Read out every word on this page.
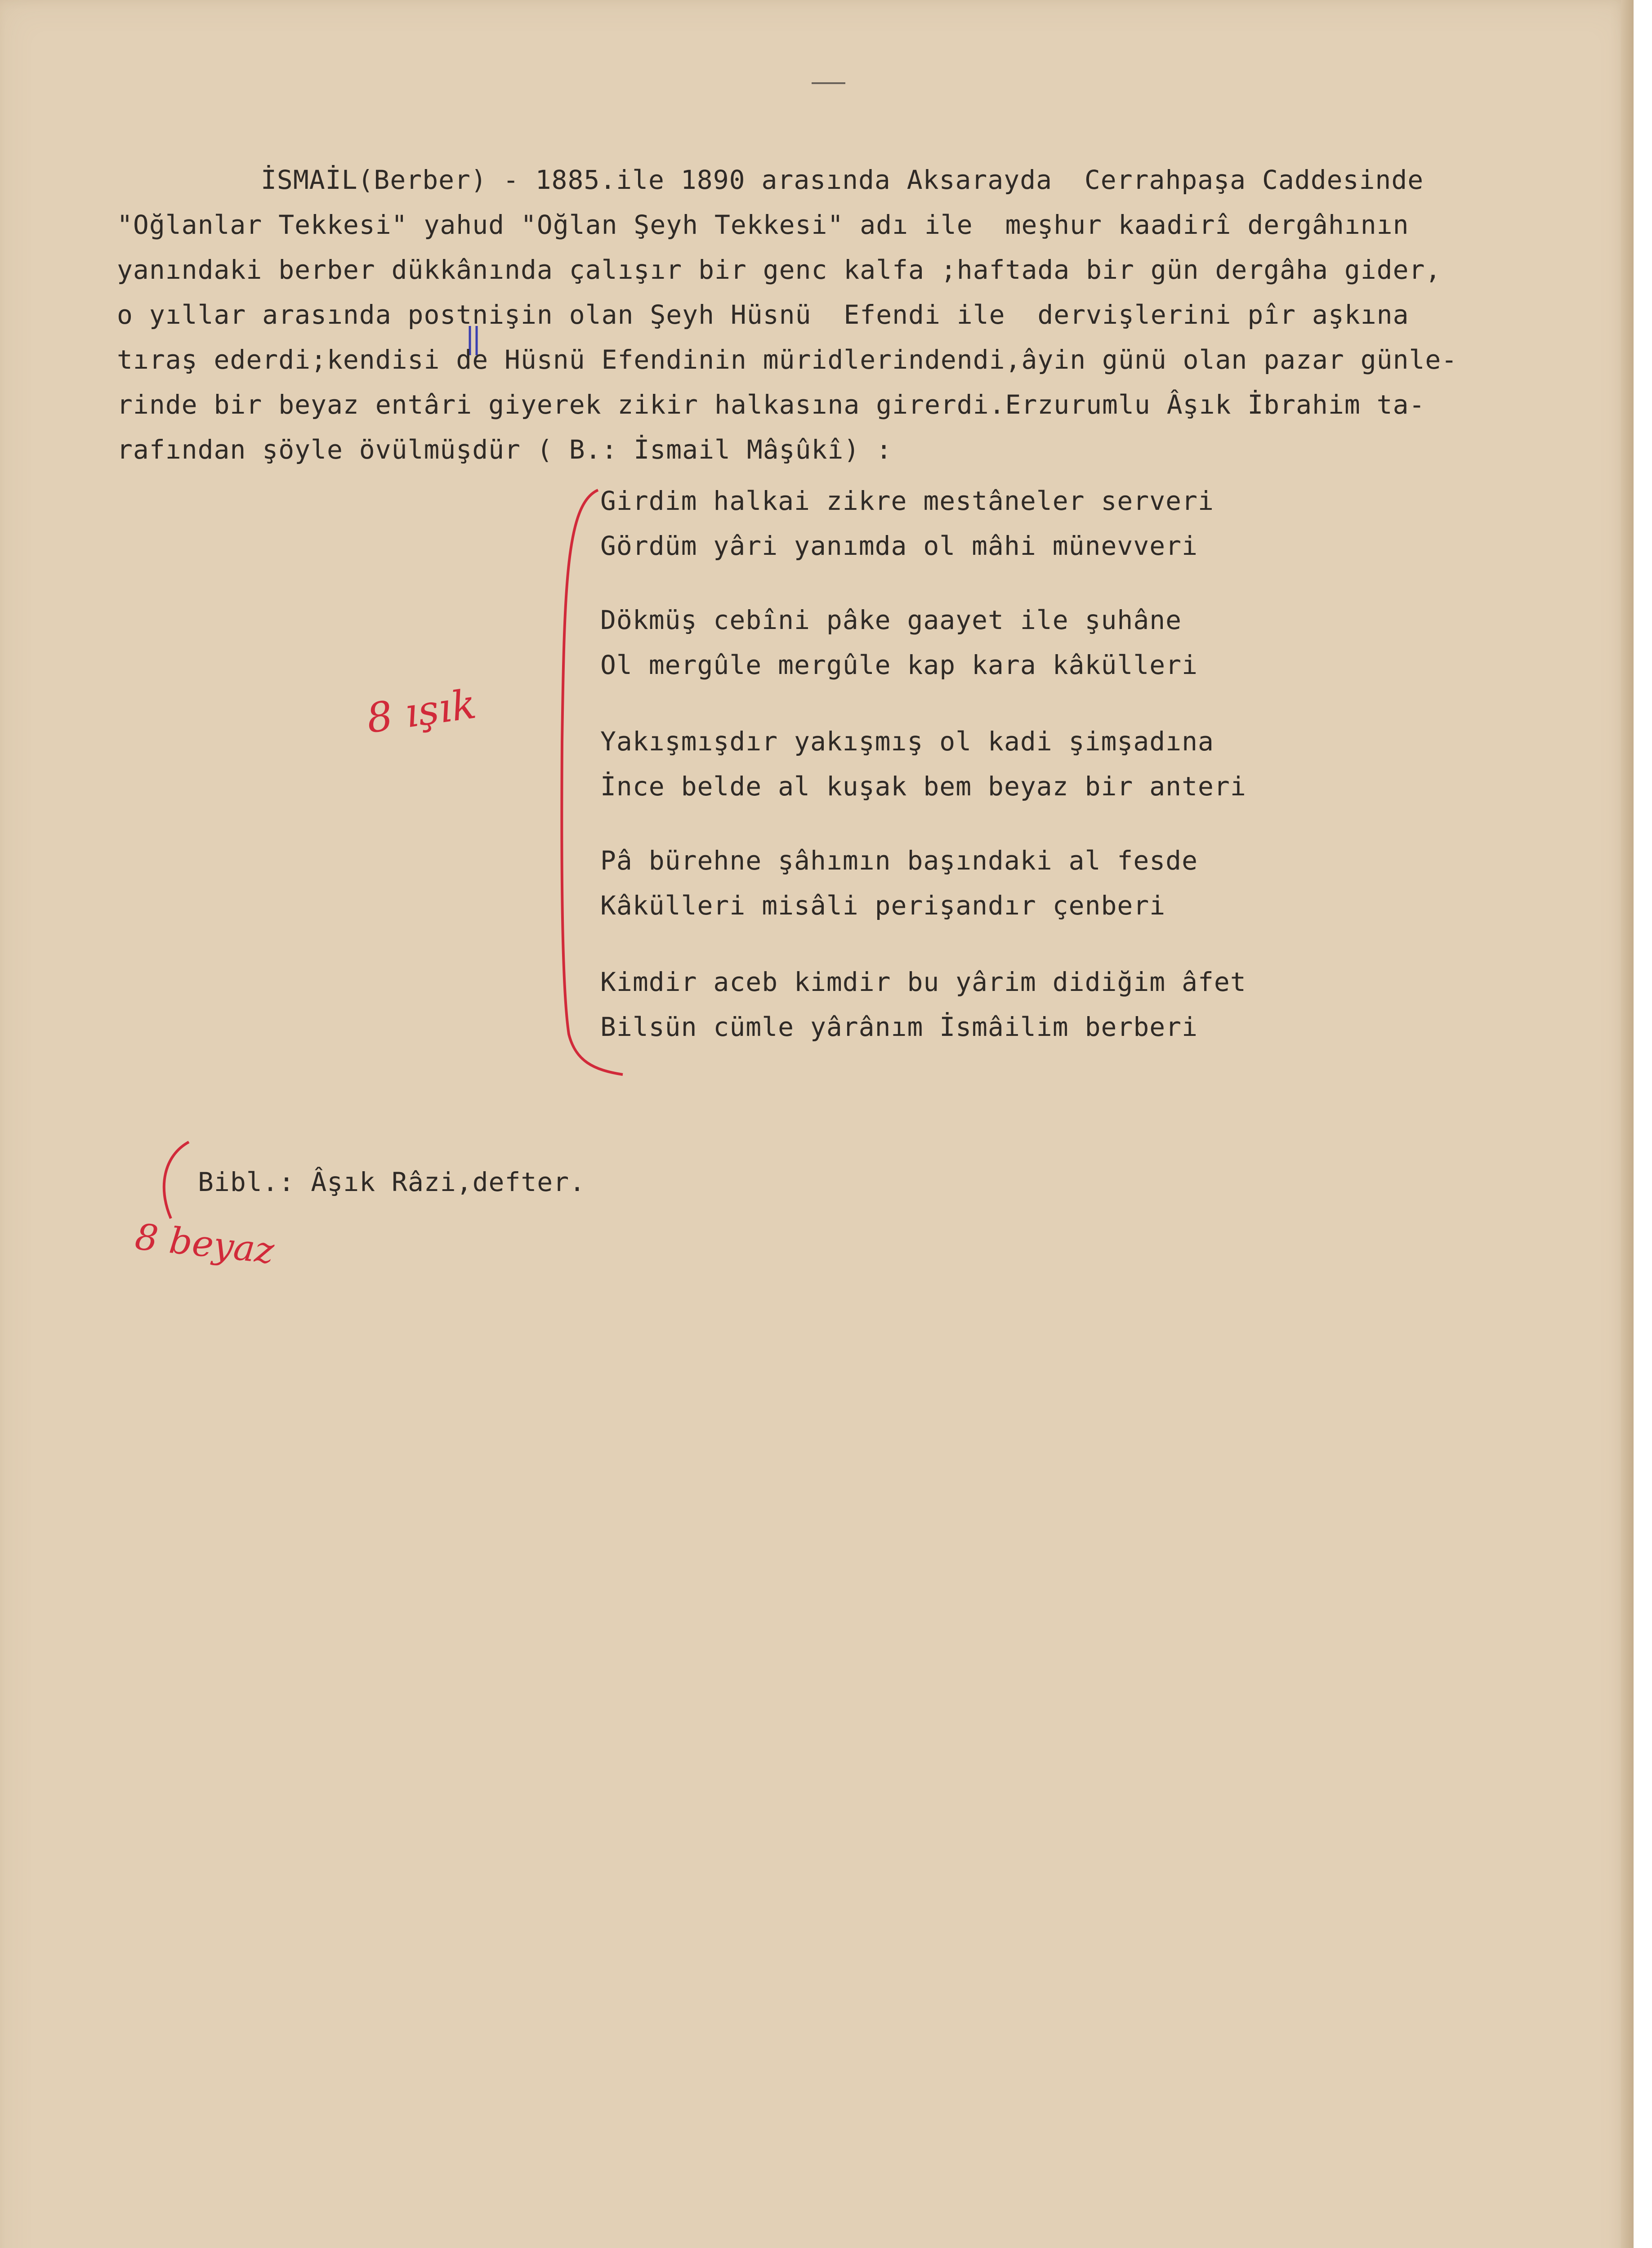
İSMAİL(Berber) - 1885.ile 1890 arasında Aksarayda  Cerrahpaşa Caddesinde
"Oğlanlar Tekkesi" yahud "Oğlan Şeyh Tekkesi" adı ile  meşhur kaadirî dergâhının
yanındaki berber dükkânında çalışır bir genc kalfa ;haftada bir gün dergâha gider,
o yıllar arasında postnişin olan Şeyh Hüsnü  Efendi ile  dervişlerini pîr aşkına
tıraş ederdi;kendisi de Hüsnü Efendinin müridlerindendi,âyin günü olan pazar günle-
rinde bir beyaz entâri giyerek zikir halkasına girerdi.Erzurumlu Âşık İbrahim ta-
rafından şöyle övülmüşdür ( B.: İsmail Mâşûkî) :
Girdim halkai zikre mestâneler serveri
Gördüm yâri yanımda ol mâhi münevveri
Dökmüş cebîni pâke gaayet ile şuhâne
Ol mergûle mergûle kap kara kâkülleri
Yakışmışdır yakışmış ol kadi şimşadına
İnce belde al kuşak bem beyaz bir anteri
Pâ bürehne şâhımın başındaki al fesde
Kâkülleri misâli perişandır çenberi
Kimdir aceb kimdir bu yârim didiğim âfet
Bilsün cümle yârânım İsmâilim berberi
Bibl.: Âşık Râzi,defter.
8 ışık
8 beyaz
